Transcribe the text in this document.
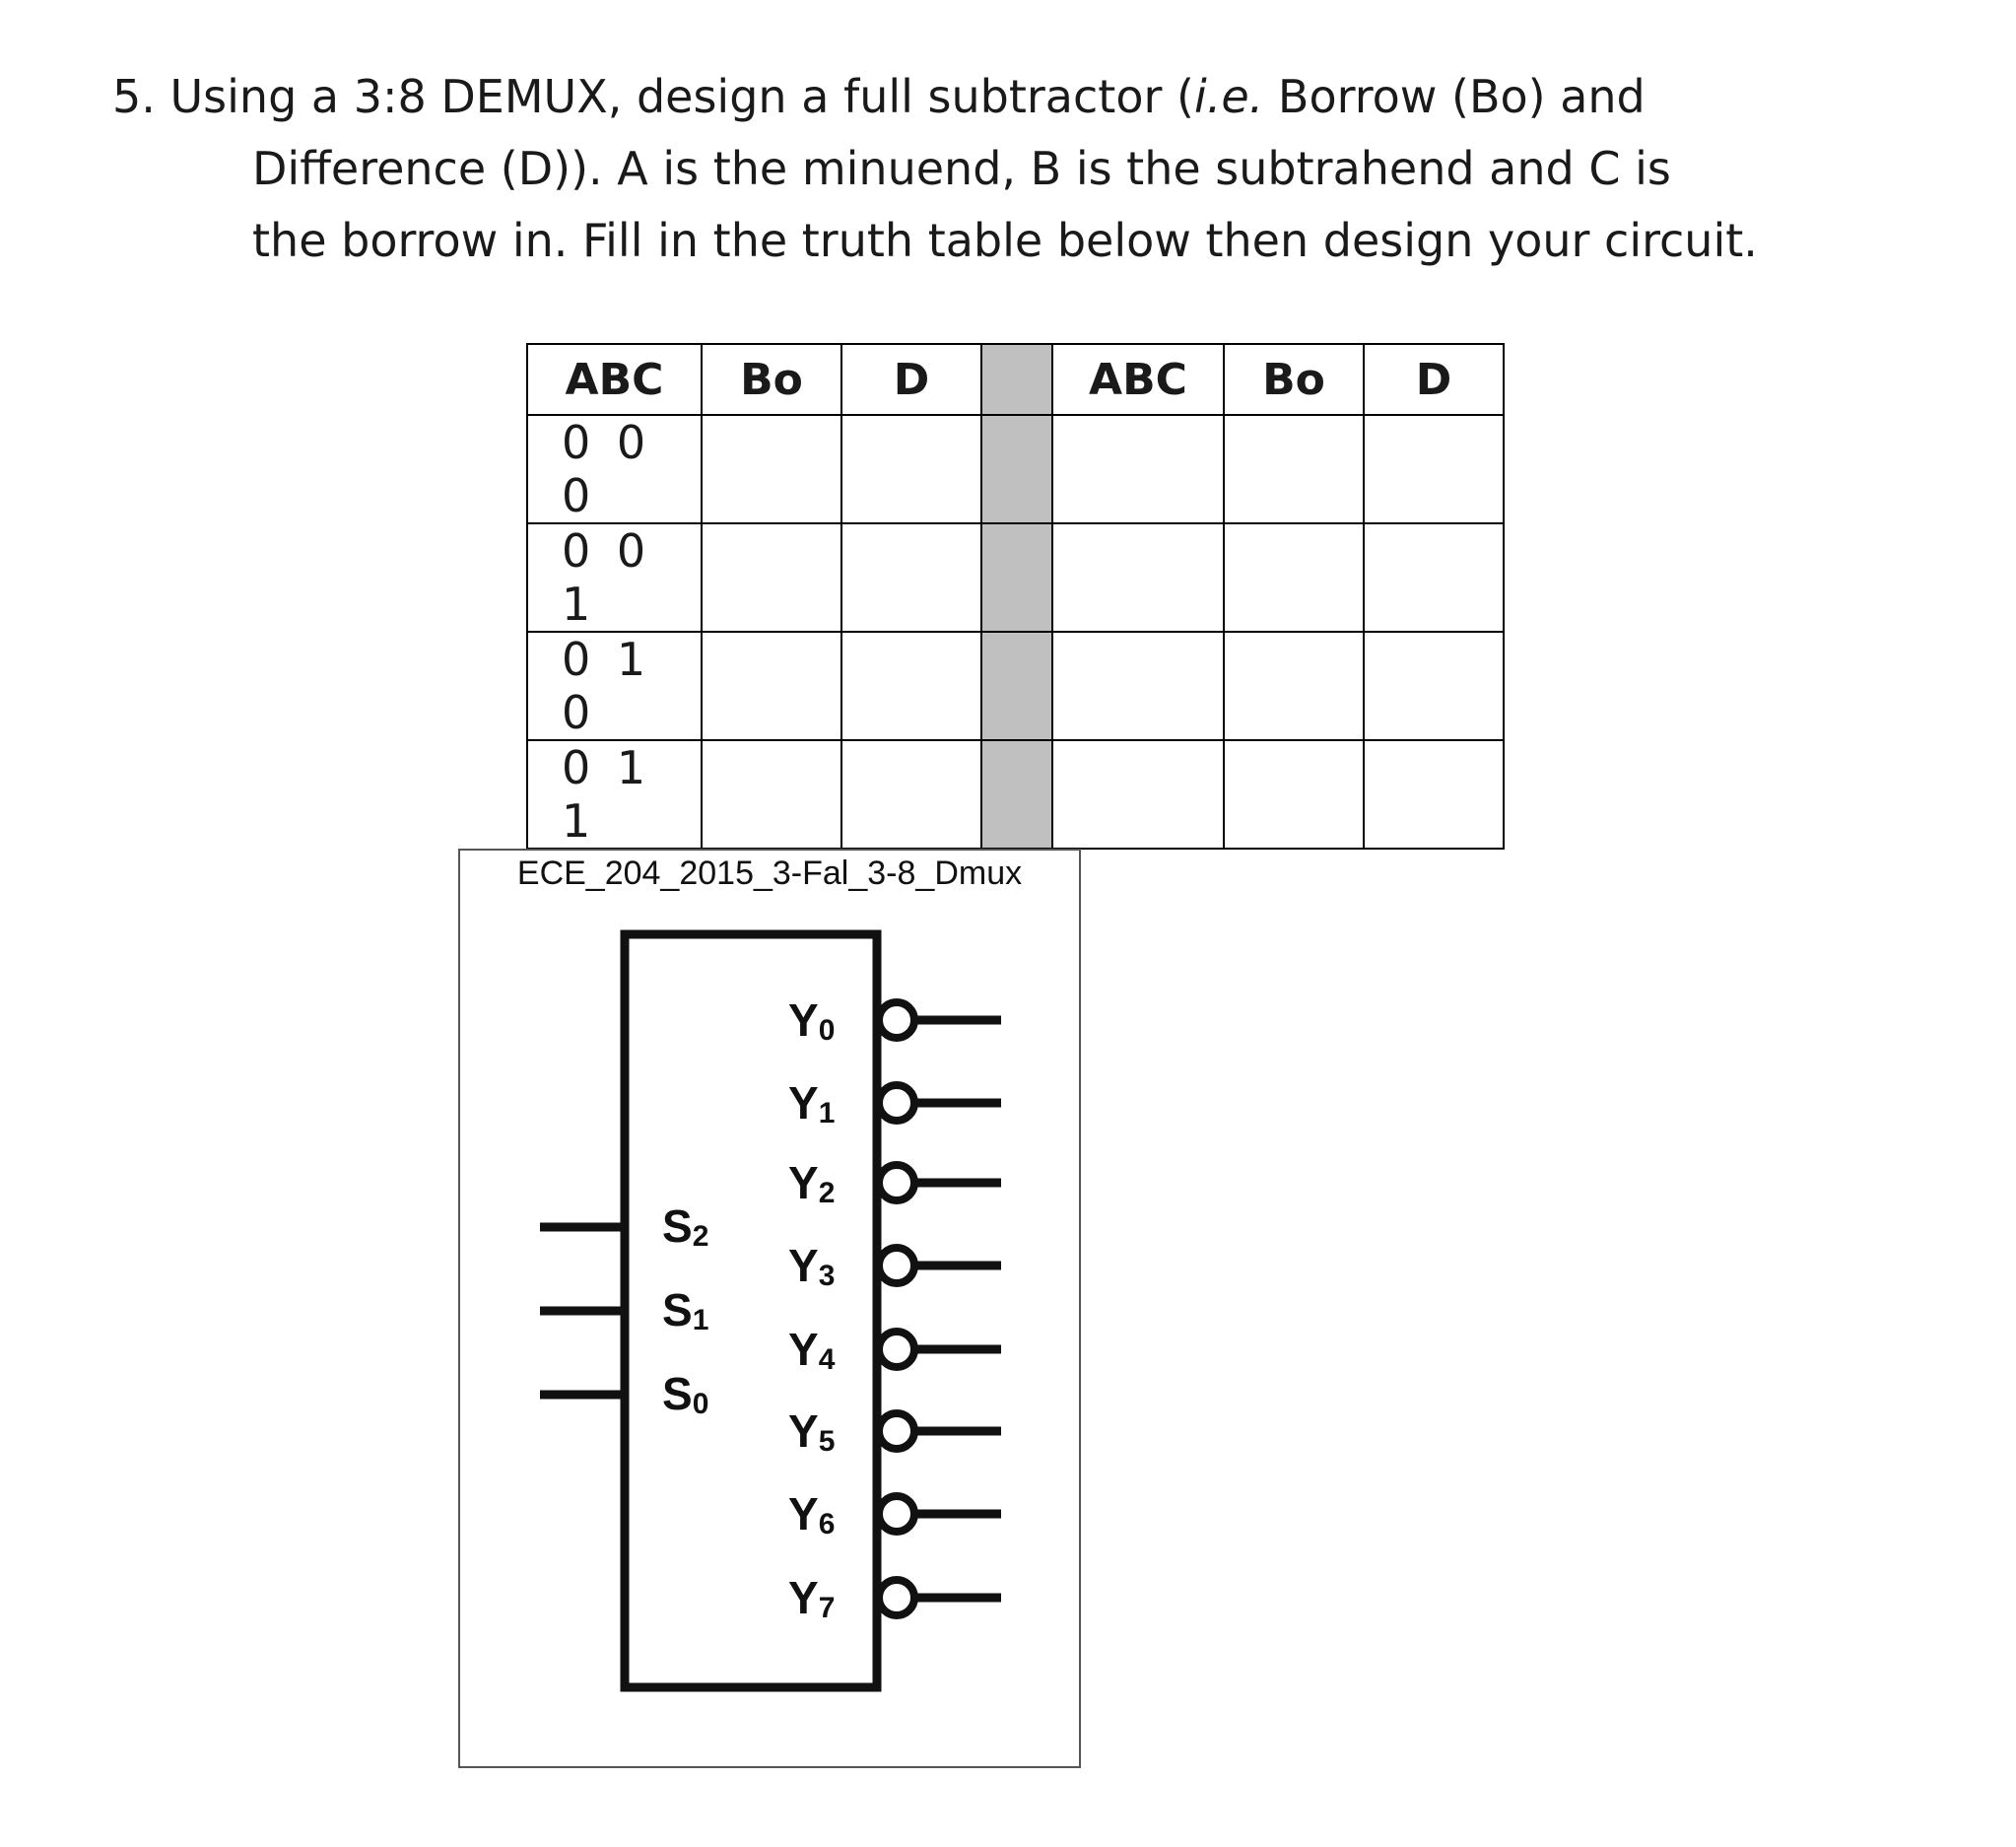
5. Using a 3:8 DEMUX, design a full subtractor (i.e. Borrow (Bo) and
Difference (D)). A is the minuend, B is the subtrahend and C is
the borrow in. Fill in the truth table below then design your circuit.
ABC	Bo	D		ABC	Bo	D
0 0 0						
0 0 1						
0 1 0						
0 1 1						
ECE_204_2015_3-Fal_3-8_Dmux
S2
S1
S0
Y0
Y1
Y2
Y3
Y4
Y5
Y6
Y7
